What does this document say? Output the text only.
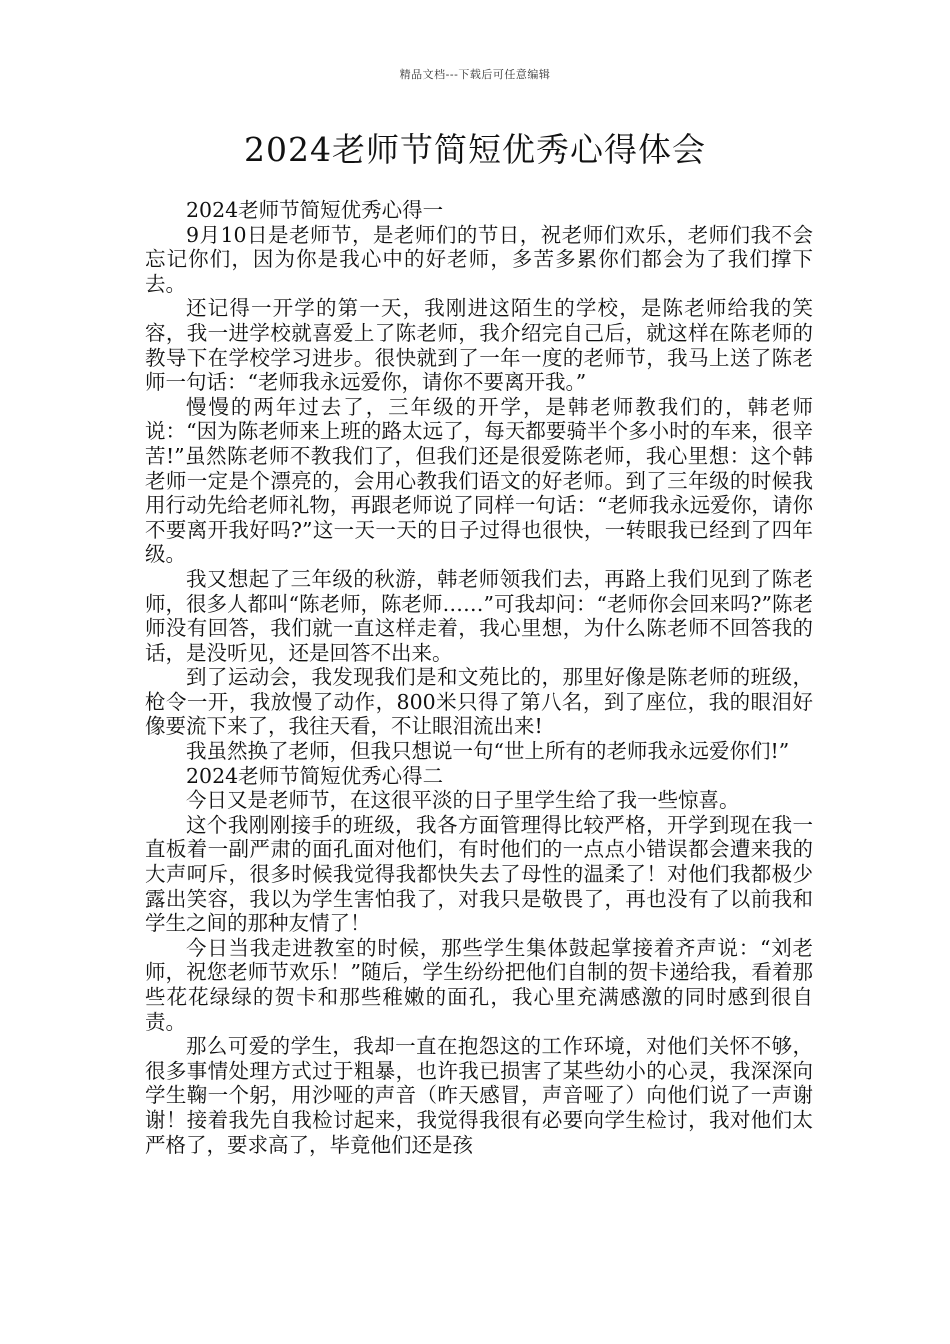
精品文档---下载后可任意编辑
2024老师节简短优秀心得体会

2024老师节简短优秀心得一

9月10日是老师节，是老师们的节日，祝老师们欢乐，老师们我不会忘记你们，因为你是我心中的好老师，多苦多累你们都会为了我们撑下去。

还记得一开学的第一天，我刚进这陌生的学校，是陈老师给我的笑容，我一进学校就喜爱上了陈老师，我介绍完自己后，就这样在陈老师的教导下在学校学习进步。很快就到了一年一度的老师节，我马上送了陈老师一句话：“老师我永远爱你，请你不要离开我。”

慢慢的两年过去了，三年级的开学，是韩老师教我们的，韩老师说：“因为陈老师来上班的路太远了，每天都要骑半个多小时的车来，很辛苦!”虽然陈老师不教我们了，但我们还是很爱陈老师，我心里想：这个韩老师一定是个漂亮的，会用心教我们语文的好老师。到了三年级的时候我用行动先给老师礼物，再跟老师说了同样一句话：“老师我永远爱你，请你不要离开我好吗?”这一天一天的日子过得也很快，一转眼我已经到了四年级。

我又想起了三年级的秋游，韩老师领我们去，再路上我们见到了陈老师，很多人都叫“陈老师，陈老师……”可我却问：“老师你会回来吗?”陈老师没有回答，我们就一直这样走着，我心里想，为什么陈老师不回答我的话，是没听见，还是回答不出来。

到了运动会，我发现我们是和文苑比的，那里好像是陈老师的班级，枪令一开，我放慢了动作，800米只得了第八名，到了座位，我的眼泪好像要流下来了，我往天看，不让眼泪流出来!

我虽然换了老师，但我只想说一句“世上所有的老师我永远爱你们!”

2024老师节简短优秀心得二

今日又是老师节，在这很平淡的日子里学生给了我一些惊喜。

这个我刚刚接手的班级，我各方面管理得比较严格，开学到现在我一直板着一副严肃的面孔面对他们，有时他们的一点点小错误都会遭来我的大声呵斥，很多时候我觉得我都快失去了母性的温柔了！对他们我都极少露出笑容，我以为学生害怕我了，对我只是敬畏了，再也没有了以前我和学生之间的那种友情了！

今日当我走进教室的时候，那些学生集体鼓起掌接着齐声说：“刘老师，祝您老师节欢乐！”随后，学生纷纷把他们自制的贺卡递给我，看着那些花花绿绿的贺卡和那些稚嫩的面孔，我心里充满感激的同时感到很自责。

那么可爱的学生，我却一直在抱怨这的工作环境，对他们关怀不够，很多事情处理方式过于粗暴，也许我已损害了某些幼小的心灵，我深深向学生鞠一个躬，用沙哑的声音（昨天感冒，声音哑了）向他们说了一声谢谢！接着我先自我检讨起来，我觉得我很有必要向学生检讨，我对他们太严格了，要求高了，毕竟他们还是孩
